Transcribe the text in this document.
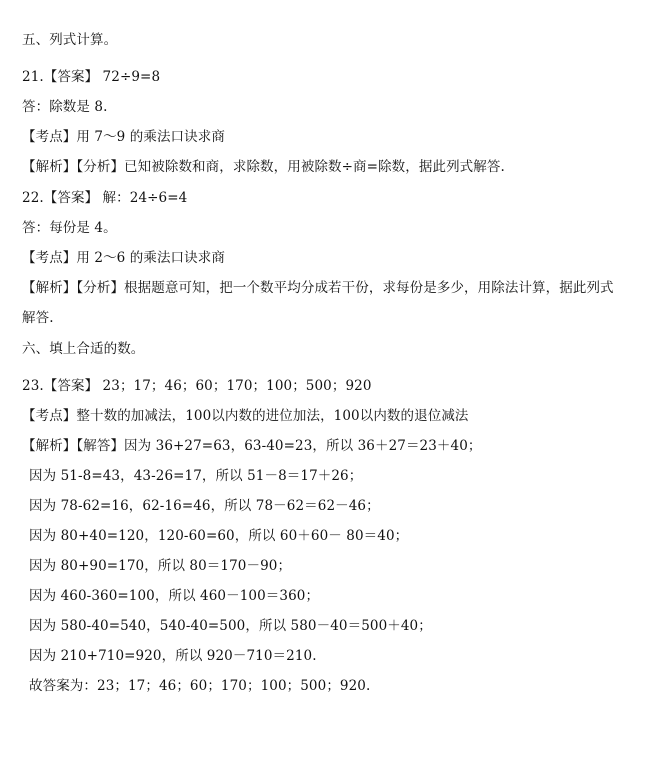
五、列式计算。
21.【答案】 72÷9=8
答：除数是 8.
【考点】用 7～9 的乘法口诀求商
【解析】【分析】已知被除数和商，求除数，用被除数÷商=除数，据此列式解答.
22.【答案】 解：24÷6=4
答：每份是 4。
【考点】用 2～6 的乘法口诀求商
【解析】【分析】根据题意可知，把一个数平均分成若干份，求每份是多少，用除法计算，据此列式
解答.
六、填上合适的数。
23.【答案】 23；17；46；60；170；100；500；920
【考点】整十数的加减法，100以内数的进位加法，100以内数的退位减法
【解析】【解答】因为 36+27=63，63-40=23，所以 36＋27＝23＋40；
因为 51-8=43，43-26=17，所以 51－8＝17＋26；
因为 78-62=16，62-16=46，所以 78－62＝62－46；
因为 80+40=120，120-60=60，所以 60＋60－ 80＝40；
因为 80+90=170，所以 80＝170－90；
因为 460-360=100，所以 460－100＝360；
因为 580-40=540，540-40=500，所以 580－40＝500＋40；
因为 210+710=920，所以 920－710＝210.
故答案为：23；17；46；60；170；100；500；920.
